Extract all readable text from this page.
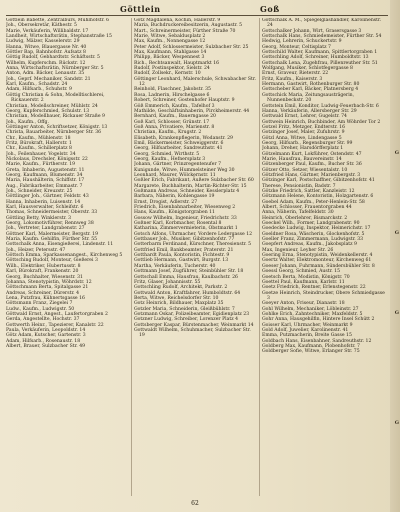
Göttlein	Goß

Göttlein Babette, Zentralbürs, Mühlhofstr. 6

Joh., Obersekretär, Käthestr. 5

Marie, Verkäuferin, Willibaldstr. 17

Landheit, Wirtschaftsrätin, Stephanstraße 15

Ludwig, Mälzer, Kasselerstr. 29

Hanna, Witwe, Blauergasse Nr. 40

Göttler Bap, Bahnhofstr. Aufsatz 8

Göttig Rudolf, Gebhardtstr. Schäftsstr. 5

Wilhelm, Kupferschm. Rückstr. 12

Anna, Wirtschaftsrätin, Nürnberger Str. 5

Anton, Adm. Bäcker, Lenaustr. 35

Joh., Geprf. Mechaniker, Sandstr. 21

Karl, Kaufm., Schadstr. 24

Adam, Hilfsarb., Schuhstr. 9

Göttig Christian & Sohn, Modelltischlerei, Rickauerstr. 2

Christian, Modellschreiner, Mühlstr. 24

Georg, Kupferschmied, Schulstr. 13

Christian, Modellbauer, Rickauer Straße 9

Joh., Kaufm., Offg.

Göttinger Anton, Schriftsetzer, Königstr. 13

Christa, Bauarbeiter, Nürnberger Str. 36

Chr., Kaufm., Mühlenstr. 18

Fritz, Bürokraft, Hallerstr. 1

Chr., Kaufm., Schillerplatz 8

Joh., Feilenhauer, Vogelstr. 34

Nickolaus, Drechsler, Königsstr. 22

Marie, Kaufm., Fürtherstr. 19

Greta, Inhaberin, Augustenstr. 11

Georg, Kaufmann, Blumenstr. 34

Maria, Haushälterin, Schiffstr. 17

Aug., Fabrikarbeiter, Emmastr. 7

Joh., Schneider, Kreuzstr. 25

Göttlinger Joh., Gärtner, Feldstr. 43

Hanna, Inhaberin, Luisenstr. 14

Karl, Hausverwalter, Schleifstr. 6

Thomas, Schneidermeister, Oberstr. 33

Göttling Betty, Winklerstr. 3

Georg, Lokomotivführer, Rennweg 38

Joh., Vertreter, Landgrabenstr. 27

Göttner Karl, Malermeister, Bergstr. 19

Maria, Kaufm. Gehilfin, Fürther Str. 55

Gottschalk Anna, Eisengießerei, Lindenstr. 11

Joh., Heizer, Petersstr. 47

Göttsch Emma, Sparkassenangest., Kirchenweg 5

Göttsching Rudolf, Monteur, Gießerei 3

Wilh., Elektriker, Hubertusstr. 8

Karl, Bürokraft, Frankenstr. 20

Georg, Buchhalter, Wiesenstr. 31

Johanna, Stenotypistin, Wöhrdstr. 12

Göttschmann Berta, Spitalgasse 21

Andreas, Schreiner, Dürerstr. 4

Lena, Putzfrau, Kühnertsgasse 16

Göttsmann Franz, Ziegelei 7

Ludw., Kaufm., Ludwigstr. 50

Göttwald Ernst, Angest., Laufertorgraben 2

Gerda, Angestellte, Hochstr. 37

Gottwerth Heinr., Tapezierer, Kanalstr. 22

Paula, Verkäuferin, Leopoldstr. 14

Götz Adam, Kutscher, Gartenstr. 3

Adam, Hilfsarb., Rosenaustr. 18

Albert, Brauer, Sulzbacher Str. 49

Götz Magdalena, Köchin, Hallerstr. 9

Maria, Buchdruckereibesitzerin, Augustastr. 5

Mart., Schreinermeister, Fürther Straße 70

Marie, Witwe, Sebaldusplatz 2

Max, Kaufm., Nonnengasse 12

Peter Adolf, Schlossermeister, Sulzbacher Str. 25

Max, Kaufmann, Stahlgasse 14

Philipp, Bäcker, Wespennest 3

Rich., Rechtsanwalt, Hauptmarkt 16

Rudolf, Postinspektor, Sielstr. 24

Rudolf, Zollsekr., Kernstr. 10

Göttinger Leonhard, Malerschule, Schwabacher Str. 12

Reinhold, Flaschner, Jakobstr. 35

Rosa, Ladnerin, Hirschelgasse 6

Robert, Schreiner, Gostenhofer Hauptstr. 9

Göß Emmerich, Kaufm., Tafelhof 3

Mathilde, Geschäftsinhaberin, Pirckheimerstr. 44

Bernhard, Kaufm., Bauerngasse 20

Goß Karl, Schlosser, Grünstr. 17

Goß Anna, Privatiere, Marienstr. 8

Christian, Kaufm., Krugstr. 2

Elisabeth, Krankenpflegerin, Wodanstr. 29

Emil, Bäckermeister, Schweiggerstr. 6

Georg, Hilfsarbeiter, Sandreuthstr. 41

Georg, Schmied, Wirthstr. 5

Georg, Kaufm., Hefnersplatz 3

Johann, Gärtner, Prinzregentenufer 7

Kunigunde, Witwe, Hummelsteiner Weg 30

Leonhard, Maurer, Wölckernstr. 11

Goßler Erich, Fabrikant, Äußere Sulzbacher Str. 60

Margarete, Buchhalterin, Martin-Richter-Str. 15

Goßmann Andreas, Schneider, Kesslerplatz 4

Barbara, Näherin, Kohlengasse 19

Ernst, Drogist, Adlerstr. 27

Friedrich, Eisenbahnarbeiter, Wiesenweg 2

Hans, Kaufm., Königstorgraben 11

Gossow Wilhelm, Ingenieur, Friedrichstr. 33

Goßner Karl, Korbmacher, Rosental 8

Katharina, Zimmervermieterin, Obstmarkt 1

Gotsch Alfons, Uhrmacher, Vordere Ledergasse 12

Gottbauer Joh., Musiker, Gibitzenhofstr. 77

Gotterbarm Ferdinand, Kürschner, Theresienstr. 5

Gottfried Emil, Bankbeamter, Praterstr. 21

Gotthardt Paula, Kontoristin, Fichtestr. 9

Gottlieb Hermann, Gastwirt, Burgstr. 13

Martha, Verkäuferin, Tucherstr. 40

Gottmann Josef, Zugführer, Steinbühler Str. 18

Gottschall Emma, Hausfrau, Kaulbachstr. 26

Fritz, Glaser, Johannisstr. 55

Gottschling Rudolf, Architekt, Parkstr. 2

Gottwald Anton, Kraftfahrer, Humboldtstr. 64

Berta, Witwe, Reichelsdorfer Str. 10

Gotz Heinrich, Bildhauer, Maxplatz 35

Gotzler Maria, Schneiderin, Gleißbühlstr. 7

Gotzmann Oskar, Polizeibeamter, Egidienplatz 23

Gotzner Ludwig, Schreiber, Lorenzer Platz 4

Gottsberger Kaspar, Bürstenmacher, Weinmarkt 14

Gottwaldt Wilhelm, Schuhmacher, Sulzbacher Str. 19

Gottschalk A. M., Spiegelglashändler, Karolinenstr. 24

Gottschalker Johann, Wirt, Grasersgasse 3

Gottschalk Hans, Schmiedemeister, Fürther Str. 54

Hedwig, Lehrerin, Schuckertstr. 9

Georg, Monteur, Celtisplatz 7

Gottschild Walter, Kaufmann, Spittlertorgraben 1

Gottschling Adolf, Schreiner, Humboldtstr. 13

Gottschalk Lena, Zugehfrau, Pillenreuther Str. 51

Wolfgang, Musiker, Schlotfegergasse 8

Ernst, Graveur, Rieterstr. 22

Fritz, Kaufm., Kaiserstr. 3

Hermann, Gastwirt, Rothenburger Str. 80

Gottscheber Karl, Bäcker, Platnersberg 4

Gottschick Maria, Zeitungsausträgerin, Nunnenbeckstr. 20

Gottstein Emil, Konditor, Ludwig-Feuerbach-Str. 6

Hanna, Verkäuferin, Allersberger Str. 29

Gottwald Ernst, Lehrer, Gugelstr. 74

Gottwein Heinrich, Buchbinder, Am Wöhrder Tor 2

Gotzel Fritz, Metzger, Endterstr. 16

Gotzinger Josef, Maler, Zufuhrstr. 9

Götzl Anna, Witwe, Lindengasse 5

Georg, Hilfsarb., Regensburger Str. 99

Johann, Dreher, Harsdörfferplatz 1

Götzelmann Kurt, Lokführer, Ostendstr. 47

Marie, Hausfrau, Bauvereinstr. 14

Götzenberger Paul, Kaufm., Bucher Str. 36

Götzer Otto, Setzer, Wiesentalstr. 10

Götzfried Hans, Gärtner, Marienbergstr. 3

Götzinger Karl, Postschaffner, Gibitzenhofstr. 41

Therese, Pensionistin, Badstr. 7

Götzke Friedrich, Sattler, Kanzleistr. 12

Götzmann Helene, Kontoristin, Holzgartenstr. 6

Goebel Adam, Kaufm., Peter-Henlein-Str. 58

Albert, Schlosser, Frauentorgraben 44

Anna, Näherin, Tafelfeldstr. 30

Heinrich, Oberlehrer, Bismarckstr. 2

Goeckel Wilh., Former, Landgrabenstr. 90

Goedecke Ludwig, Inspektor, Heimerichstr. 17

Goeldner Rosa, Wäscherin, Glockenhofstr. 5

Goeller Franz, Zimmermann, Ludwigstr. 33

Goepfert Andreas, Kaufm., Jakobsplatz 9

Max, Ingenieur, Leyher Str. 26

Goering Erna, Stenotypistin, Weidenkellerstr. 4

Goertz Walter, Elektromonteur, Kirchenweg 61

Goeser Johann, Fuhrmann, Sündersbühler Str. 8

Goessl Georg, Schmied, Austr. 15

Goetsch Berta, Modistin, Königstr. 70

Goettel Paul, Kaufmann, Karlstr. 11

Goetz Friedrich, Rentner, Erlenstegenstr. 22

Goetze Heinrich, Steindrucker, Obere Schmiedgasse 3

Goeyer Anton, Friseur, Dianastr. 18

Gohl Wilhelm, Mechaniker, Löbleinstr. 27

Gohlke Erich, Zahntechniker, Maxfeldstr. 5

Gohr Anna, Hausgehilfin, Hintere Insel Schütt 2

Goisser Karl, Uhrmacher, Weinmarkt 9

Gold Adolf, Juwelier, Karolinenstr. 41

Emma, Putzmacherin, Breite Gasse 15

Goldbach Hans, Eisenbahner, Sandreuthstr. 12

Goldberg Max, Kaufmann, Plobenhofstr. 7

Goldberger Sofie, Witwe, Erlanger Str. 75

62
G
G
G
G
